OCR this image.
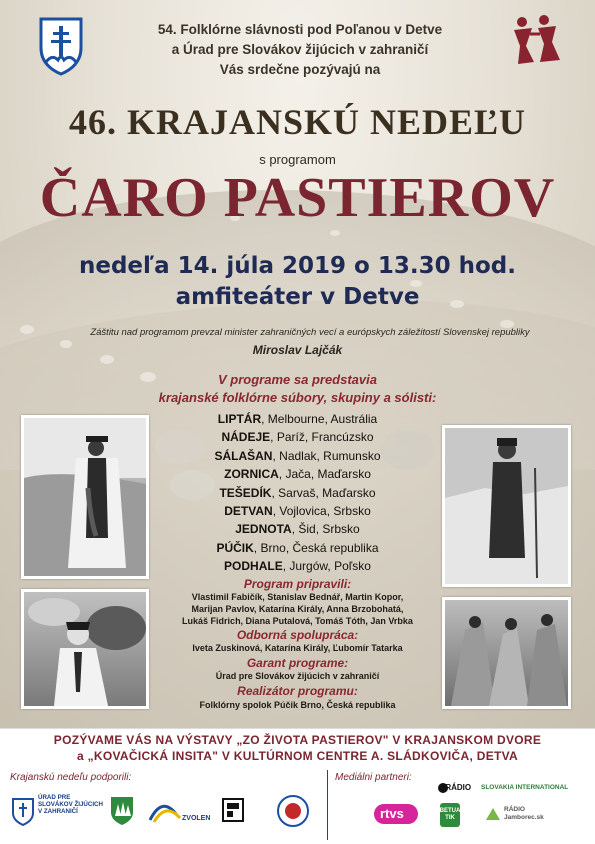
54. Folklórne slávnosti pod Poľanou v Detve
a Úrad pre Slovákov žijúcich v zahraničí
Vás srdečne pozývajú na
46. KRAJANSKÚ NEDEĽU
s programom
ČARO PASTIEROV
nedeľa 14. júla 2019 o 13.30 hod.
amfiteáter v Detve
Záštitu nad programom prevzal minister zahraničných vecí a európskych záležitostí Slovenskej republiky
Miroslav Lajčák
V programe sa predstavia
krajanské folklórne súbory, skupiny a sólisti:
LIPTÁR, Melbourne, Austrália
NÁDEJE, Paríž, Francúzsko
SÁLAŠAN, Nadlak, Rumunsko
ZORNICA, Jača, Maďarsko
TEŠEDÍK, Sarvaš, Maďarsko
DETVAN, Vojlovica, Srbsko
JEDNOTA, Šid, Srbsko
PÚČIK, Brno, Česká republika
PODHALE, Jurgów, Poľsko
Program pripravili:
Vlastimil Fabičík, Stanislav Bednář, Martin Kopor,
Marijan Pavlov, Katarína Király, Anna Brzobohatá,
Lukáš Fidrich, Diana Putalová, Tomáš Tóth, Jan Vrbka
Odborná spolupráca:
Iveta Zuskinová, Katarína Király, Ľubomír Tatarka
Garant programe:
Úrad pre Slovákov žijúcich v zahraničí
Realizátor programu:
Folklórny spolok Púčik Brno, Česká republika
POZÝVAME VÁS NA VÝSTAVY „ZO ŽIVOTA PASTIEROV" V KRAJANSKOM DVORE
a „KOVAČICKÁ INSITA" V KULTÚRNOM CENTRE A. SLÁDKOVIČA, DETVA
Krajanskú nedeľu podporili:	Mediálni partneri:
ÚRAD PRE SLOVÁKOV ŽIJÚCICH V ZAHRANIČÍ
ZVOLEN
SRÁDIO SLOVAKIA INTERNATIONAL
rtvs	BETUA TIK
RÁDIO Jamborec.sk
